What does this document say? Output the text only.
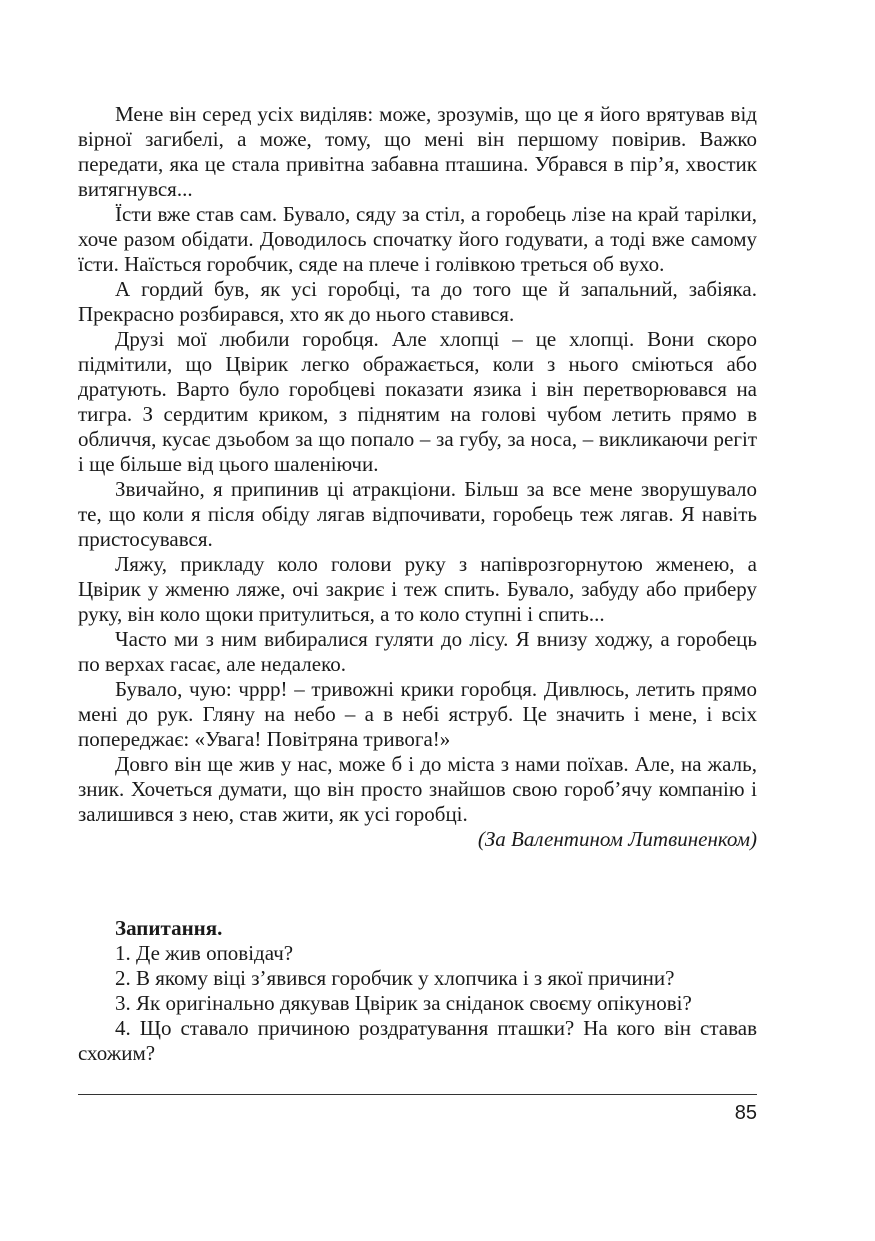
Мене він серед усіх виділяв: може, зрозумів, що це я його врятував від вірної загибелі, а може, тому, що мені він першому повірив. Важко передати, яка це стала привітна забавна пташина. Убрався в пір’я, хвостик витягнувся...

Їсти вже став сам. Бувало, сяду за стіл, а горобець лізе на край тарілки, хоче разом обідати. Доводилось спочатку його годувати, а тоді вже самому їсти. Наїсться горобчик, сяде на плече і голівкою треться об вухо.

А гордий був, як усі горобці, та до того ще й запальний, забіяка. Прекрасно розбирався, хто як до нього ставився.

Друзі мої любили горобця. Але хлопці – це хлопці. Вони скоро підмітили, що Цвірик легко ображається, коли з нього сміються або дратують. Варто було горобцеві показати язика і він перетворювався на тигра. З сердитим криком, з піднятим на голові чубом летить прямо в обличчя, кусає дзьобом за що попало – за губу, за носа, – викликаючи регіт і ще більше від цього шаленіючи.

Звичайно, я припинив ці атракціони. Більш за все мене зворушувало те, що коли я після обіду лягав відпочивати, горобець теж лягав. Я навіть пристосувався.

Ляжу, прикладу коло голови руку з напіврозгорнутою жменею, а Цвірик у жменю ляже, очі закриє і теж спить. Бувало, забуду або приберу руку, він коло щоки притулиться, а то коло ступні і спить...

Часто ми з ним вибиралися гуляти до лісу. Я внизу ходжу, а горобець по верхах гасає, але недалеко.

Бувало, чую: чррр! – тривожні крики горобця. Дивлюсь, летить прямо мені до рук. Гляну на небо – а в небі яструб. Це значить і мене, і всіх попереджає: «Увага! Повітряна тривога!»

Довго він ще жив у нас, може б і до міста з нами поїхав. Але, на жаль, зник. Хочеться думати, що він просто знайшов свою гороб’ячу компанію і залишився з нею, став жити, як усі горобці.

(За Валентином Литвиненком)

Запитання.

1. Де жив оповідач?

2. В якому віці з’явився горобчик у хлопчика і з якої причини?

3. Як оригінально дякував Цвірик за сніданок своєму опікунові?

4. Що ставало причиною роздратування пташки? На кого він ставав схожим?

85
